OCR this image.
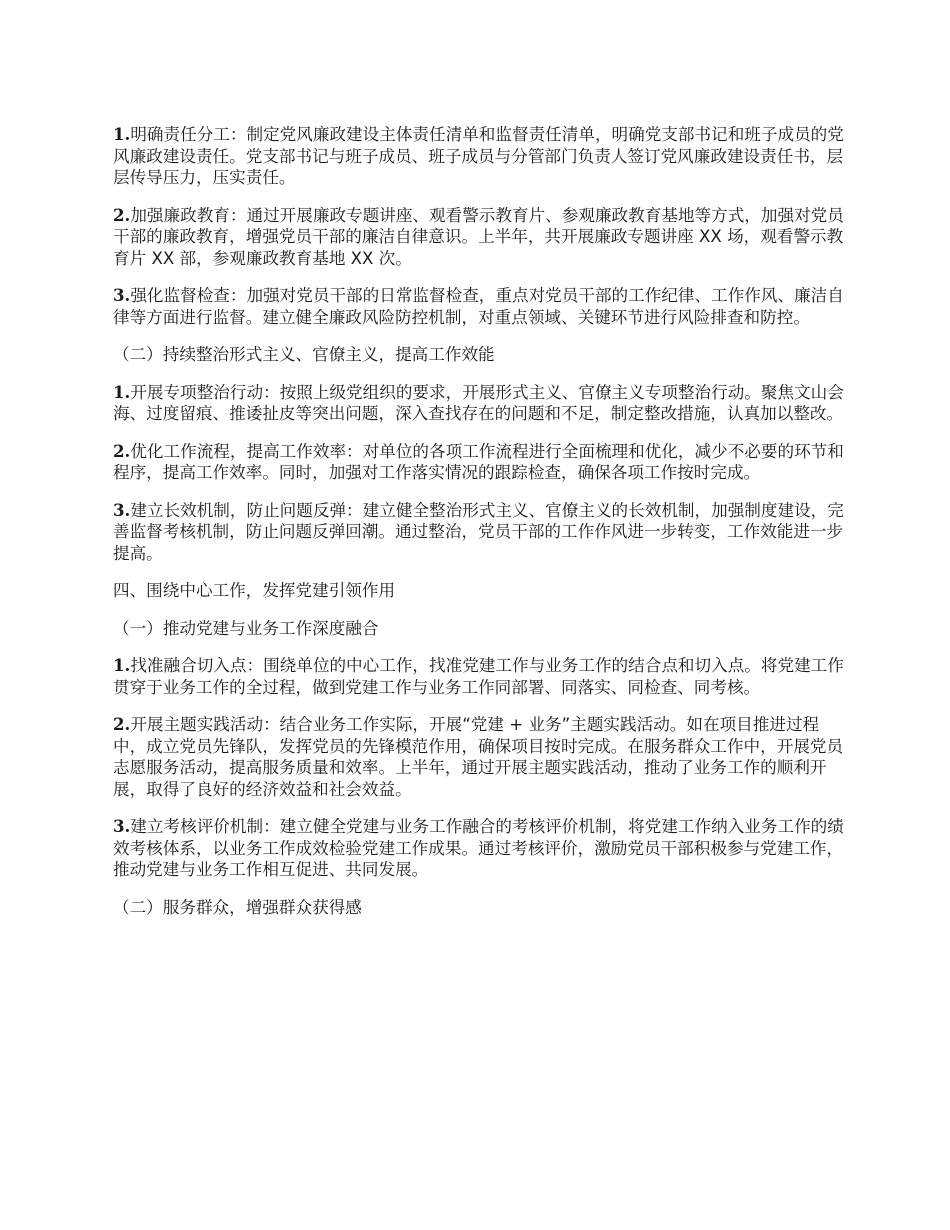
1.明确责任分工：制定党风廉政建设主体责任清单和监督责任清单，明确党支部书记和班子成员的党风廉政建设责任。党支部书记与班子成员、班子成员与分管部门负责人签订党风廉政建设责任书，层层传导压力，压实责任。

2.加强廉政教育：通过开展廉政专题讲座、观看警示教育片、参观廉政教育基地等方式，加强对党员干部的廉政教育，增强党员干部的廉洁自律意识。上半年，共开展廉政专题讲座 XX 场，观看警示教育片 XX 部，参观廉政教育基地 XX 次。

3.强化监督检查：加强对党员干部的日常监督检查，重点对党员干部的工作纪律、工作作风、廉洁自律等方面进行监督。建立健全廉政风险防控机制，对重点领域、关键环节进行风险排查和防控。

（二）持续整治形式主义、官僚主义，提高工作效能

1.开展专项整治行动：按照上级党组织的要求，开展形式主义、官僚主义专项整治行动。聚焦文山会海、过度留痕、推诿扯皮等突出问题，深入查找存在的问题和不足，制定整改措施，认真加以整改。

2.优化工作流程，提高工作效率：对单位的各项工作流程进行全面梳理和优化，减少不必要的环节和程序，提高工作效率。同时，加强对工作落实情况的跟踪检查，确保各项工作按时完成。

3.建立长效机制，防止问题反弹：建立健全整治形式主义、官僚主义的长效机制，加强制度建设，完善监督考核机制，防止问题反弹回潮。通过整治，党员干部的工作作风进一步转变，工作效能进一步提高。

四、围绕中心工作，发挥党建引领作用

（一）推动党建与业务工作深度融合

1.找准融合切入点：围绕单位的中心工作，找准党建工作与业务工作的结合点和切入点。将党建工作贯穿于业务工作的全过程，做到党建工作与业务工作同部署、同落实、同检查、同考核。

2.开展主题实践活动：结合业务工作实际，开展“党建 + 业务”主题实践活动。如在项目推进过程中，成立党员先锋队，发挥党员的先锋模范作用，确保项目按时完成。在服务群众工作中，开展党员志愿服务活动，提高服务质量和效率。上半年，通过开展主题实践活动，推动了业务工作的顺利开展，取得了良好的经济效益和社会效益。

3.建立考核评价机制：建立健全党建与业务工作融合的考核评价机制，将党建工作纳入业务工作的绩效考核体系，以业务工作成效检验党建工作成果。通过考核评价，激励党员干部积极参与党建工作，推动党建与业务工作相互促进、共同发展。

（二）服务群众，增强群众获得感
